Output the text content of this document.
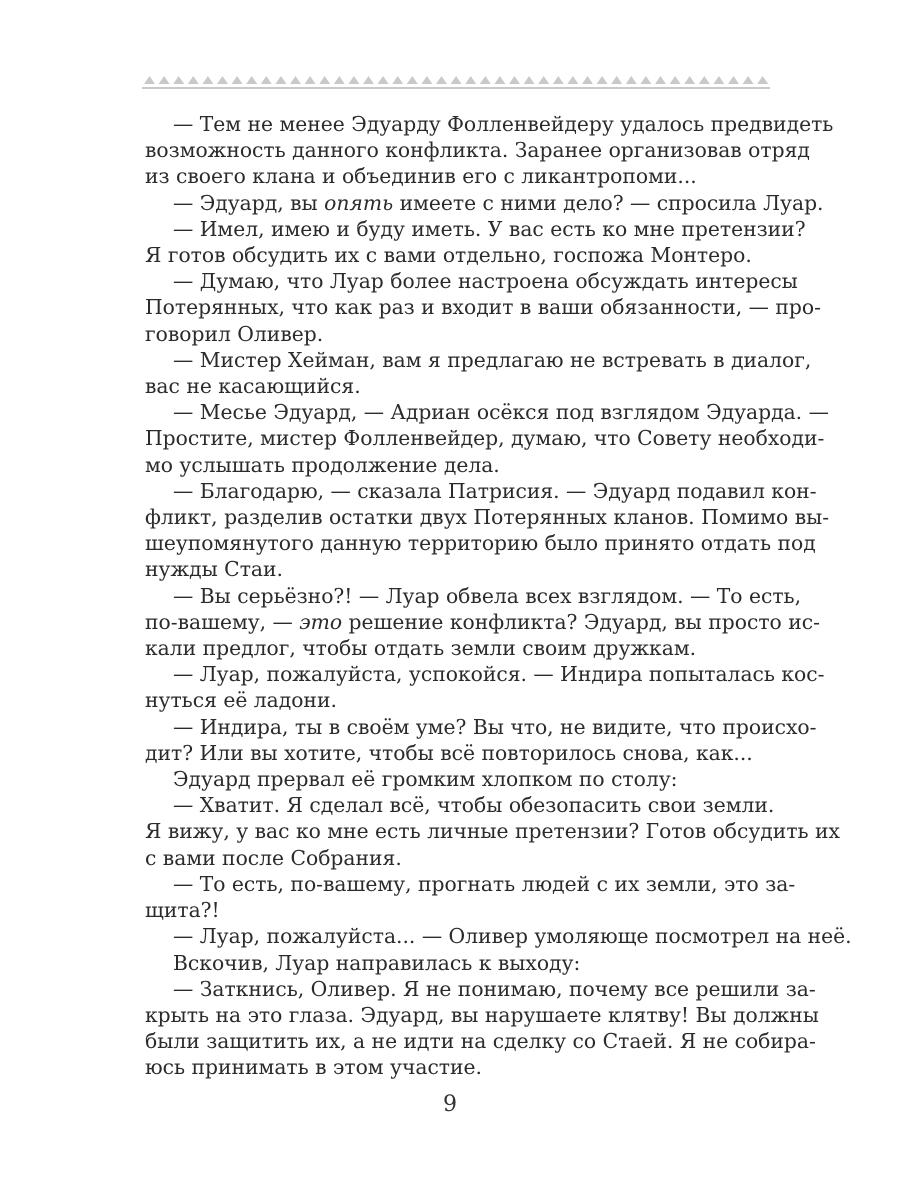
— Тем не менее Эдуарду Фолленвейдеру удалось предвидеть
возможность данного конфликта. Заранее организовав отряд
из своего клана и объединив его с ликантропоми...
— Эдуард, вы опять имеете с ними дело? — спросила Луар.
— Имел, имею и буду иметь. У вас есть ко мне претензии?
Я готов обсудить их с вами отдельно, госпожа Монтеро.
— Думаю, что Луар более настроена обсуждать интересы
Потерянных, что как раз и входит в ваши обязанности, — про-
говорил Оливер.
— Мистер Хейман, вам я предлагаю не встревать в диалог,
вас не касающийся.
— Месье Эдуард, — Адриан осёкся под взглядом Эдуарда. —
Простите, мистер Фолленвейдер, думаю, что Совету необходи-
мо услышать продолжение дела.
— Благодарю, — сказала Патрисия. — Эдуард подавил кон-
фликт, разделив остатки двух Потерянных кланов. Помимо вы-
шеупомянутого данную территорию было принято отдать под
нужды Стаи.
— Вы серьёзно?! — Луар обвела всех взглядом. — То есть,
по-вашему, — это решение конфликта? Эдуард, вы просто ис-
кали предлог, чтобы отдать земли своим дружкам.
— Луар, пожалуйста, успокойся. — Индира попыталась кос-
нуться её ладони.
— Индира, ты в своём уме? Вы что, не видите, что происхо-
дит? Или вы хотите, чтобы всё повторилось снова, как...
Эдуард прервал её громким хлопком по столу:
— Хватит. Я сделал всё, чтобы обезопасить свои земли.
Я вижу, у вас ко мне есть личные претензии? Готов обсудить их
с вами после Собрания.
— То есть, по-вашему, прогнать людей с их земли, это за-
щита?!
— Луар, пожалуйста... — Оливер умоляюще посмотрел на неё.
Вскочив, Луар направилась к выходу:
— Заткнись, Оливер. Я не понимаю, почему все решили за-
крыть на это глаза. Эдуард, вы нарушаете клятву! Вы должны
были защитить их, а не идти на сделку со Стаей. Я не собира-
юсь принимать в этом участие.
9
